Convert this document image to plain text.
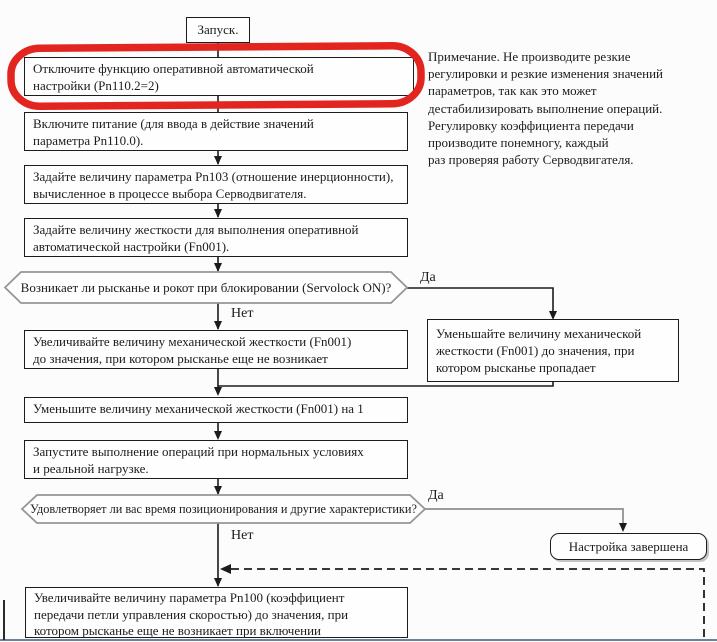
Запуск.
Отключите функцию оперативной автоматической
настройки (Pn110.2=2)
Включите питание (для ввода в действие значений
параметра Pn110.0).
Задайте величину параметра Pn103 (отношение инерционности),
вычисленное в процессе выбора Серводвигателя.
Задайте величину жесткости для выполнения оперативной
автоматической настройки (Fn001).
Возникает ли рысканье и рокот при блокировании (Servolock ON)?
Увеличивайте величину механической жесткости (Fn001)
до значения, при котором рысканье еще не возникает
Уменьшайте величину механической
жесткости (Fn001) до значения, при
котором рысканье пропадает
Уменьшите величину механической жесткости (Fn001) на 1
Запустите выполнение операций при нормальных условиях
и реальной нагрузке.
Удовлетворяет ли вас время позиционирования и другие характеристики?
Настройка завершена
Увеличивайте величину параметра Pn100 (коэффициент
передачи петли управления скоростью) до значения, при
котором рысканье еще не возникает при включении
Да
Нет
Да
Нет
Примечание. Не производите резкие
регулировки и резкие изменения значений
параметров, так как это может
дестабилизировать выполнение операций.
Регулировку коэффициента передачи
производите понемногу, каждый
раз проверяя работу Серводвигателя.
